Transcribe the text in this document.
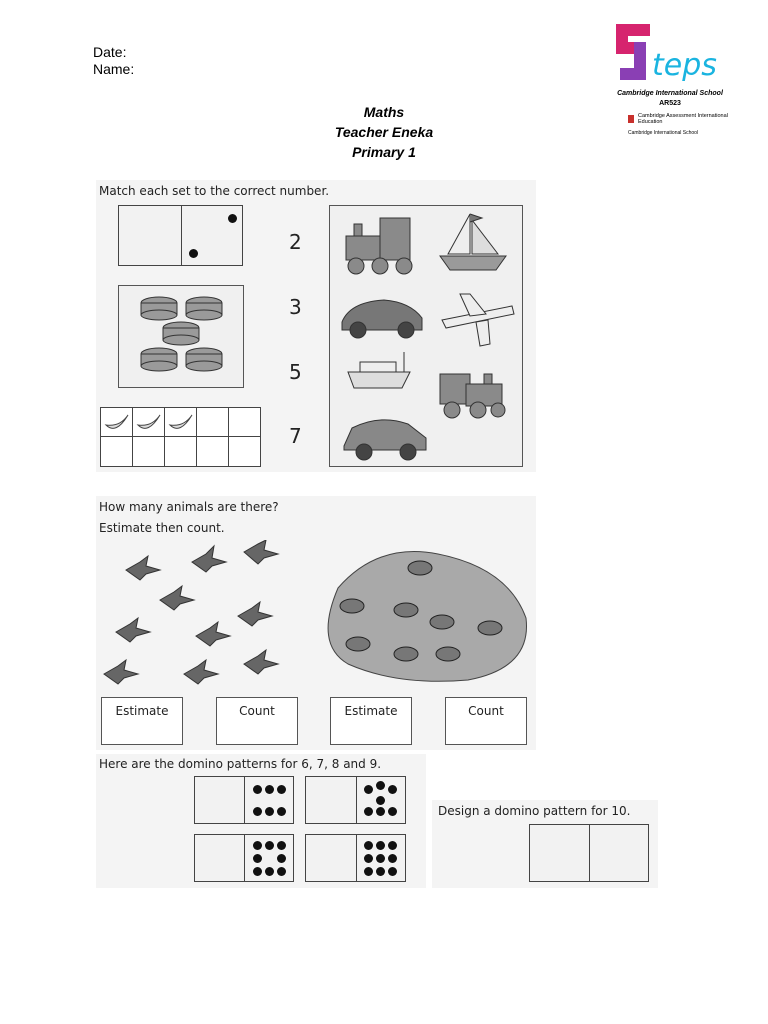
Date:
Name:	teps
Cambridge International School
AR523
Cambridge Assessment International Education
Cambridge International School
Maths
Teacher Eneka
Primary 1
Match each set to the correct number.
2
3
5
7
How many animals are there?
Estimate then count.
Estimate	Count	Estimate	Count
Here are the domino patterns for 6, 7, 8 and 9.
Design a domino pattern for 10.
